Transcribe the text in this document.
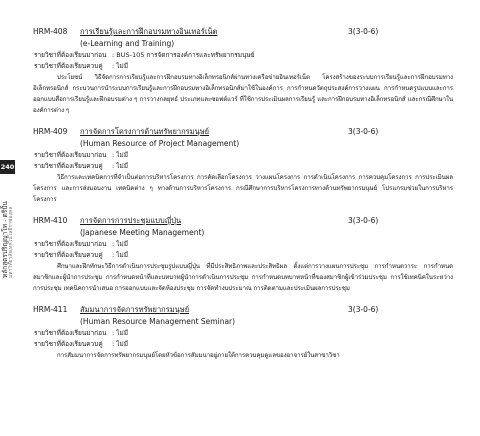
240
หลักสูตรปริญญาโท - ตรีปั้น มหาวิทยาลัยเทคโนโลยีราชมงคล
HRM-408 การเรียนรู้และการฝึกอบรมทางอินเทอร์เน็ต	3(3-0-6)
(e-Learning and Training)
รายวิชาที่ต้องเรียนมาก่อน : BUS-105 การจัดการองค์การและทรัพยากรมนุษย์
รายวิชาที่ต้องเรียนควบคู่ : ไม่มี
ประโยชน์ วิธีจัดการการเรียนรู้และการฝึกอบรมทางอิเล็กทรอนิกส์ผ่านทางเครือข่ายอินเทอร์เน็ต โครงสร้างของระบบการเรียนรู้และการฝึกอบรมทางอิเล็กทรอนิกส์ กระบวนการนำระบบการเรียนรู้และการฝึกอบรมทางอิเล็กทรอนิกส์มาใช้ในองค์การ การกำหนดวัตถุประสงค์การวางแผน การกำหนดรูปแบบและการออกแบบสื่อการเรียนรู้และฝึกอบรมต่าง ๆ การวางกลยุทธ์ ประเภทและซอฟต์แวร์ ที่ใช้การประเมินผลการเรียนรู้ และการฝึกอบรมทางอิเล็กทรอนิกส์ และกรณีศึกษาในองค์การต่าง ๆ
HRM-409 การจัดการโครงการด้านทรัพยากรมนุษย์	3(3-0-6)
(Human Resource of Project Management)
รายวิชาที่ต้องเรียนมาก่อน : ไม่มี
รายวิชาที่ต้องเรียนควบคู่ : ไม่มี
วิธีการและเทคนิคการที่จำเป็นต่อการบริหารโครงการ การคัดเลือกโครงการ วางแผนโครงการ การดำเนินโครงการ การควบคุมโครงการ การประเมินผลโครงการ และการส่งมอบงาน เทคนิคต่าง ๆ ทางด้านการบริหารโครงการ กรณีศึกษาการบริหารโครงการทางด้านทรัพยากรมนุษย์ โปรแกรมช่วยในการบริหารโครงการ
HRM-410 การจัดการการประชุมแบบญี่ปุ่น	3(3-0-6)
(Japanese Meeting Management)
รายวิชาที่ต้องเรียนมาก่อน : ไม่มี
รายวิชาที่ต้องเรียนควบคู่ : ไม่มี
ศึกษาและฝึกทักษะวิธีการดำเนินการประชุมรูปแบบญี่ปุ่น ที่มีประสิทธิภาพและประสิทธิผล ตั้งแต่การวางแผนการประชุม การกำหนดวาระ การกำหนดสมาชิกและผู้นำการประชุม การกำหนดหน้าที่และบทบาทผู้นำการดำเนินการประชุม การกำหนดบทบาทหน้าที่ของสมาชิกผู้เข้าร่วมประชุม การใช้เทคนิคในระหว่างการประชุม เทคนิคการนำเสนอ การออกแบบและจัดห้องประชุม การจัดทำงบประมาณ การติดตามและประเมินผลการประชุม
HRM-411 สัมมนาการจัดการทรัพยากรมนุษย์	3(3-0-6)
(Human Resource Management Seminar)
รายวิชาที่ต้องเรียนมาก่อน : ไม่มี
รายวิชาที่ต้องเรียนควบคู่ : ไม่มี
การสัมมนาการจัดการทรัพยากรมนุษย์โดยหัวข้อการสัมมนาอยู่ภายใต้การควบคุมดูแลของอาจารย์ในสาขาวิชา
